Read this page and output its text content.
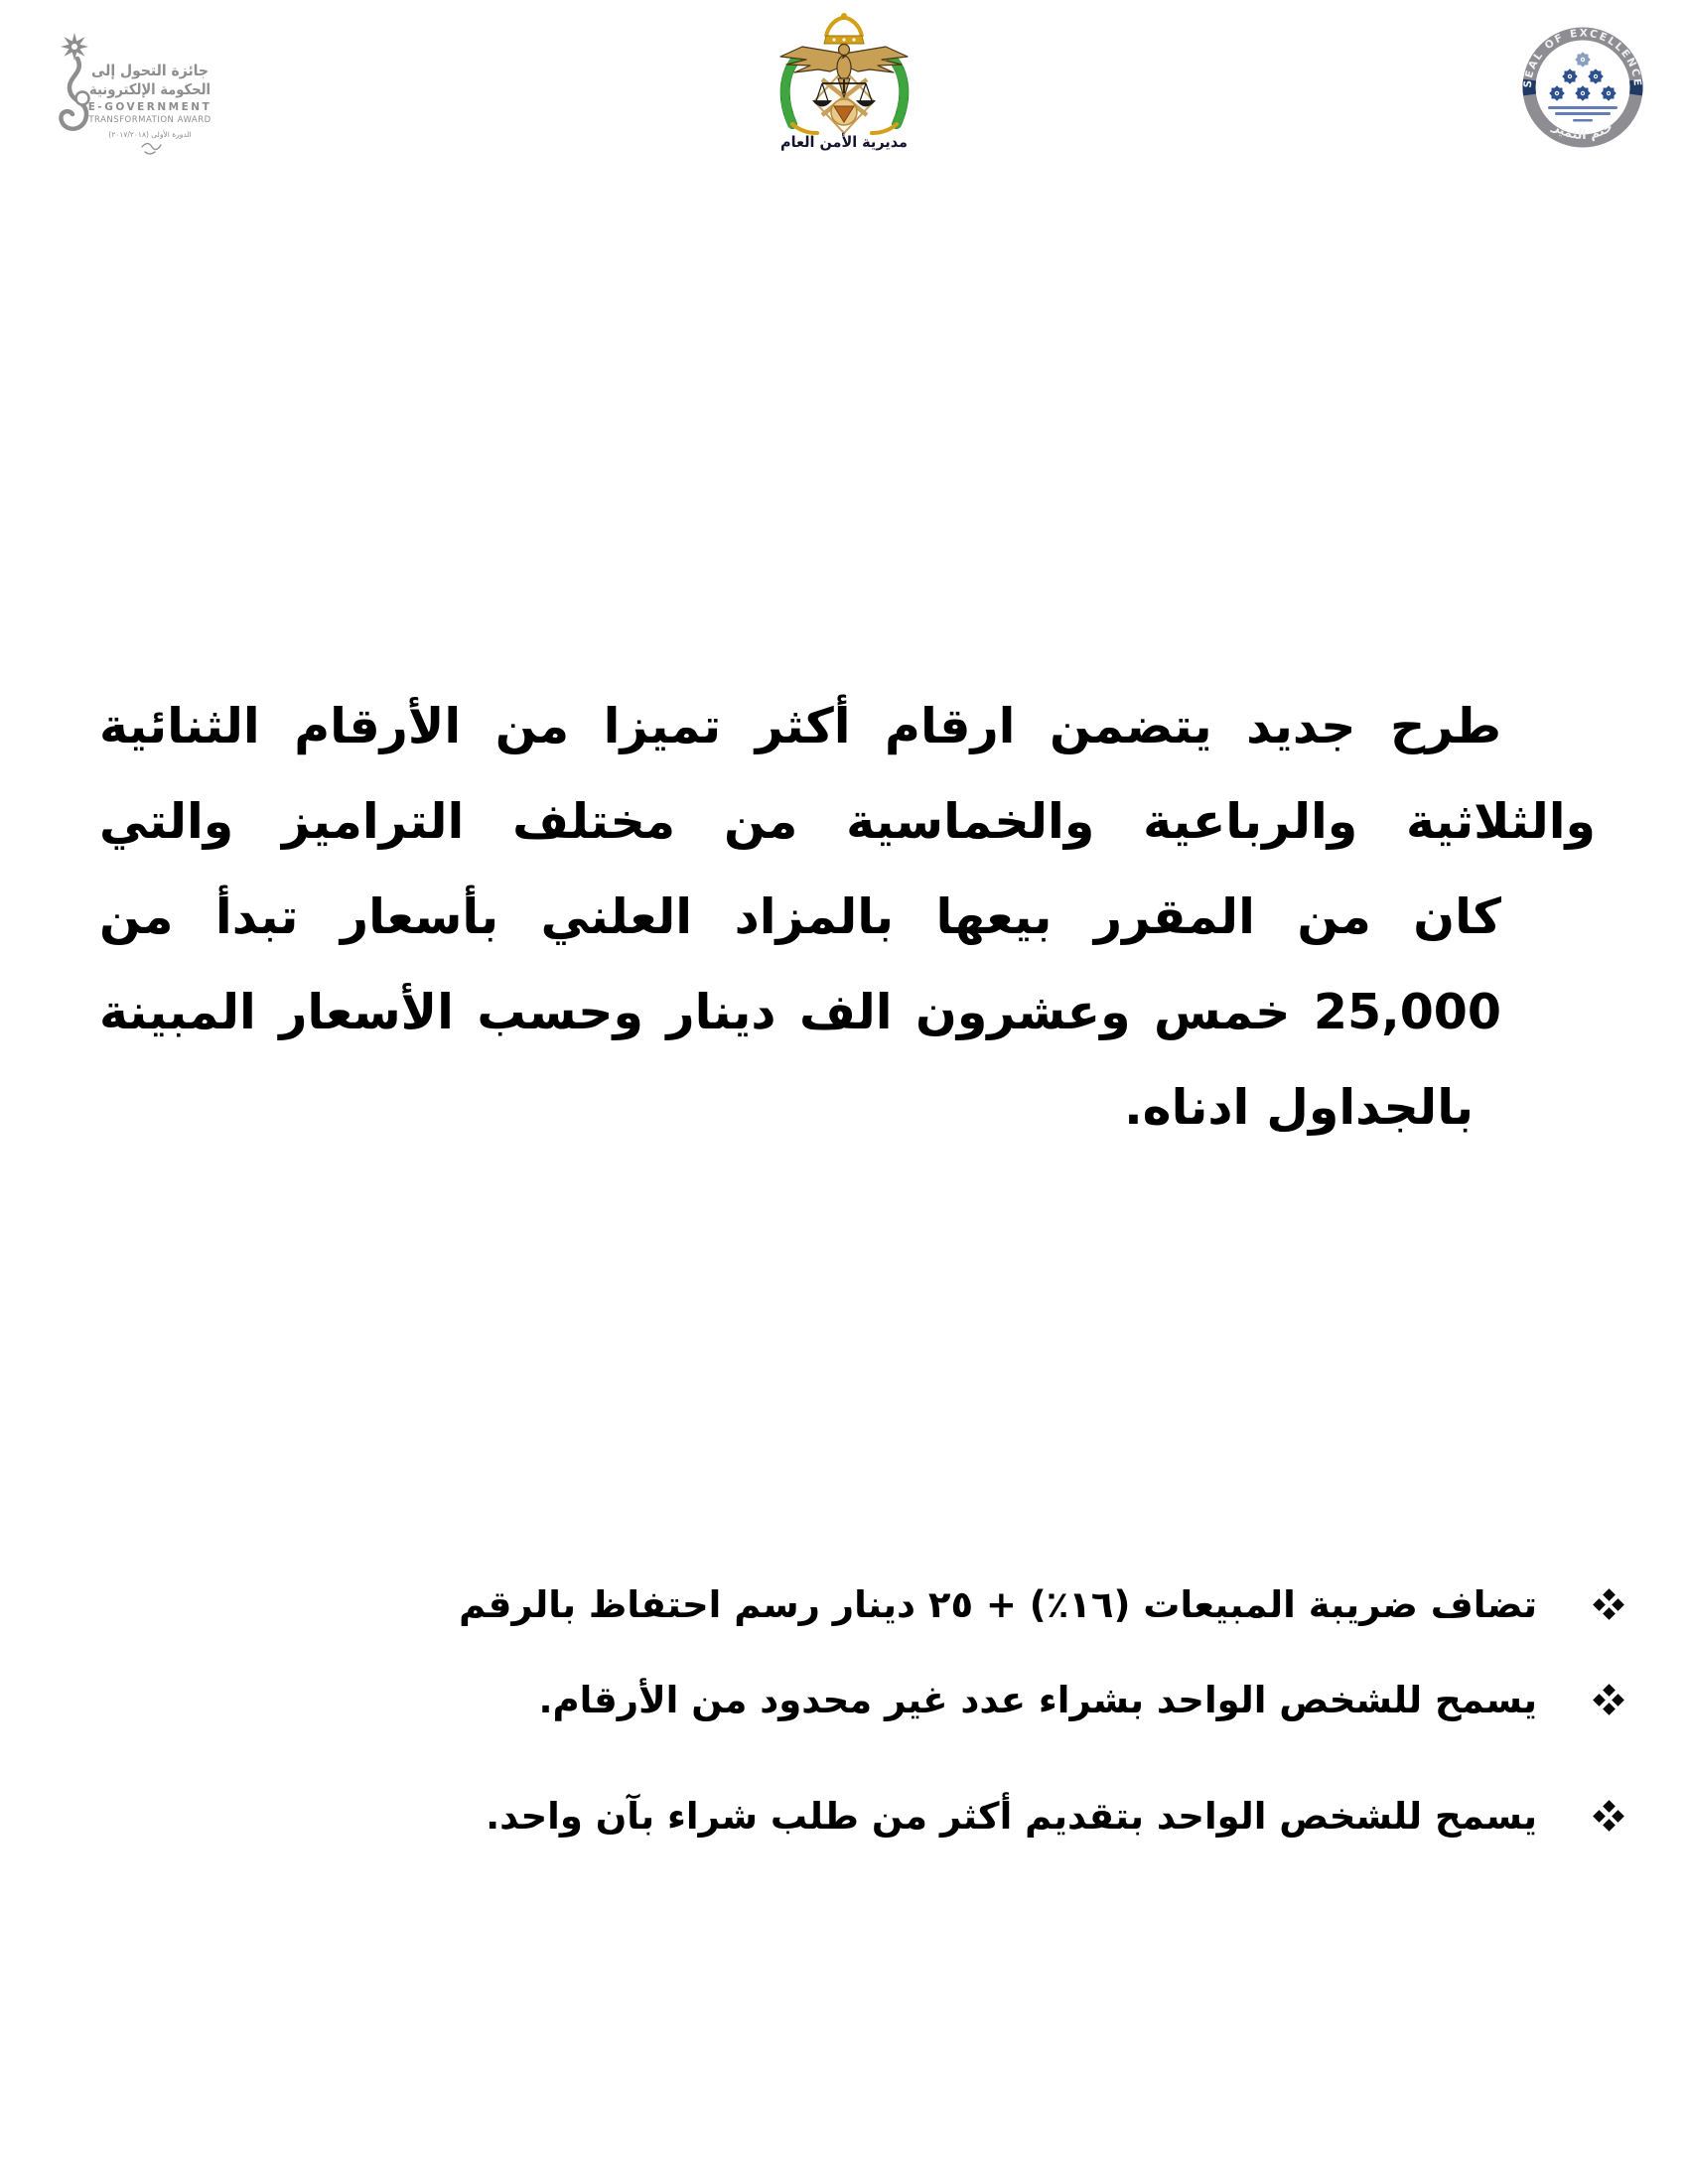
جائزة التحول إلى
الحكومة الإلكترونية
E-GOVERNMENT
TRANSFORMATION AWARD
الدورة الأولى (٢٠١٧/٢٠١٨)	مديرية الأمن العام
SEAL OF EXCELLENCE
ختم التميز
طرح جديد يتضمن ارقام أكثر تميزا من الأرقام الثنائية
والثلاثية والرباعية والخماسية من مختلف التراميز والتي
كان من المقرر بيعها بالمزاد العلني بأسعار تبدأ من
25,000 خمس وعشرون الف دينار وحسب الأسعار المبينة
بالجداول ادناه.
تضاف ضريبة المبيعات (١٦٪) + ٢٥ دينار رسم احتفاظ بالرقم
يسمح للشخص الواحد بشراء عدد غير محدود من الأرقام.
يسمح للشخص الواحد بتقديم أكثر من طلب شراء بآن واحد.
